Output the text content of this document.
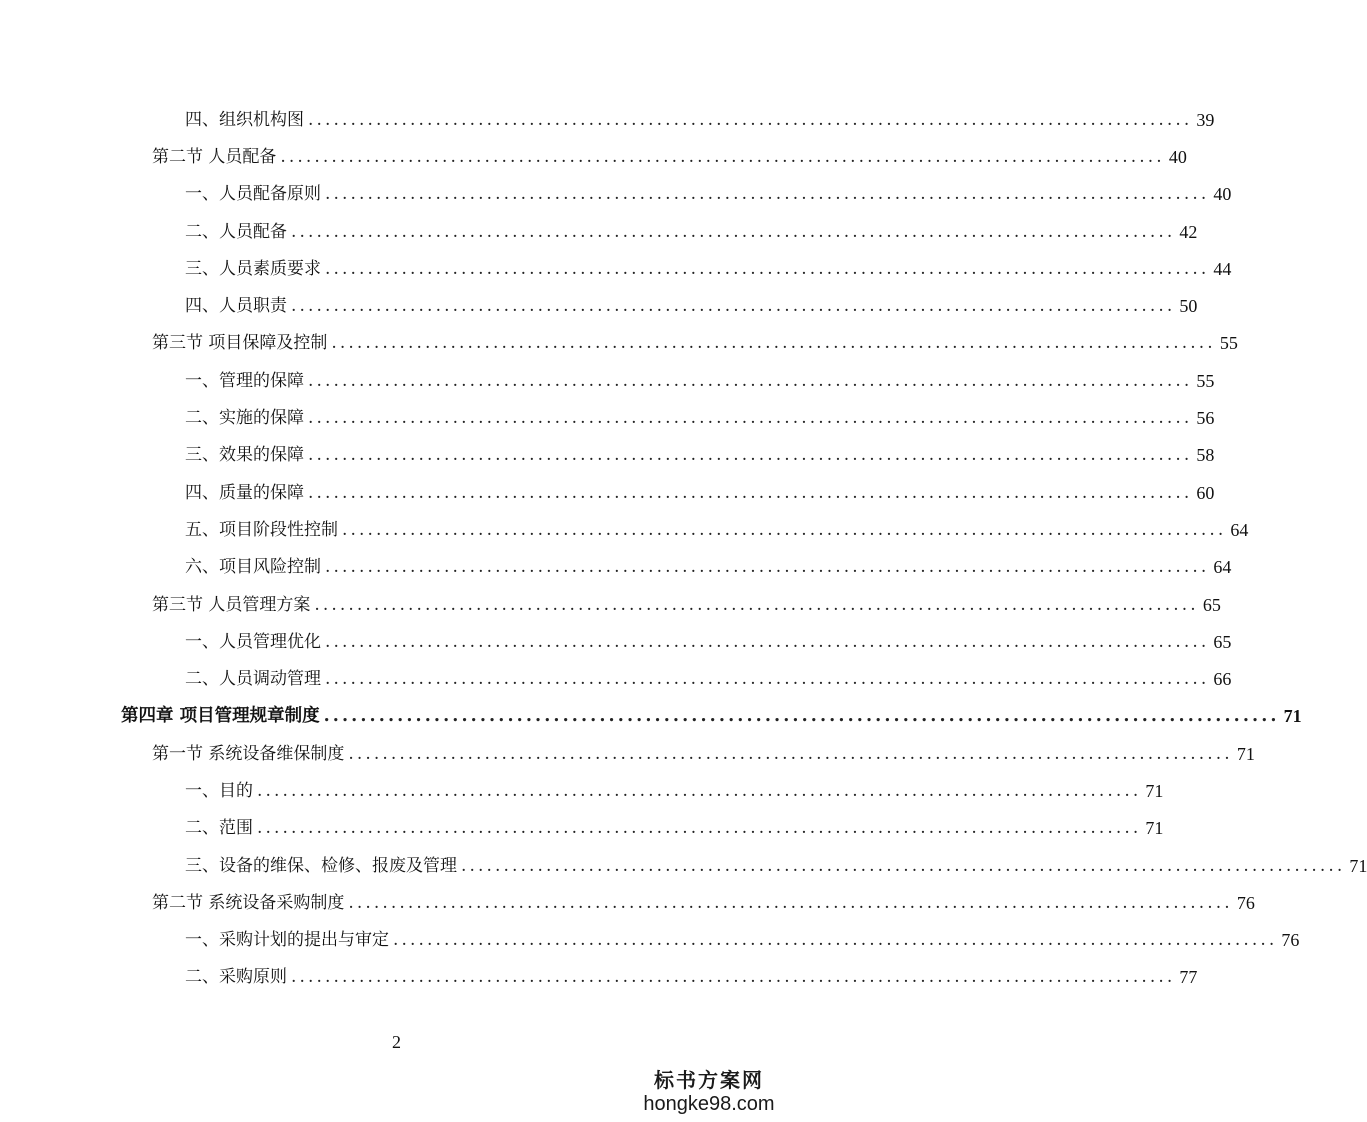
四、组织机构图 ........................................................................................................ 39
第二节 人员配备 ........................................................................................................ 40
一、人员配备原则 ........................................................................................................ 40
二、人员配备 ........................................................................................................ 42
三、人员素质要求 ........................................................................................................ 44
四、人员职责 ........................................................................................................ 50
第三节 项目保障及控制 ........................................................................................................ 55
一、管理的保障 ........................................................................................................ 55
二、实施的保障 ........................................................................................................ 56
三、效果的保障 ........................................................................................................ 58
四、质量的保障 ........................................................................................................ 60
五、项目阶段性控制 ........................................................................................................ 64
六、项目风险控制 ........................................................................................................ 64
第三节 人员管理方案 ........................................................................................................ 65
一、人员管理优化 ........................................................................................................ 65
二、人员调动管理 ........................................................................................................ 66
第四章 项目管理规章制度 ........................................................................................................ 71
第一节 系统设备维保制度 ........................................................................................................ 71
一、目的 ........................................................................................................ 71
二、范围 ........................................................................................................ 71
三、设备的维保、检修、报废及管理 ........................................................................................................ 71
第二节 系统设备采购制度 ........................................................................................................ 76
一、采购计划的提出与审定 ........................................................................................................ 76
二、采购原则 ........................................................................................................ 77
2
标书方案网
hongke98.com
